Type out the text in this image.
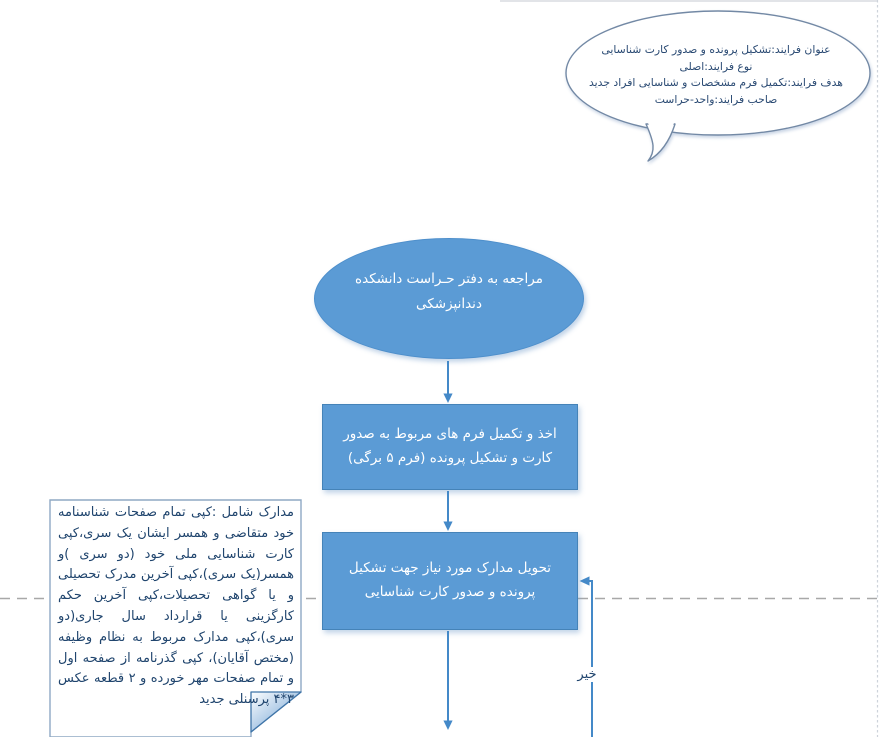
عنوان فرایند:تشکیل پرونده و صدور کارت شناسایی
نوع فرایند:اصلی
هدف فرایند:تکمیل فرم مشخصات و شناسایی افراد جدید
صاحب فرایند:واحد-حراست
مراجعه به دفتر حـراست دانشکده دندانپزشکی
اخذ و تکمیل فرم های مربوط به صدور کارت و تشکیل پرونده (فرم ۵ برگی)
تحویل مدارک مورد نیاز جهت تشکیل پرونده و صدور کارت شناسایی
مدارک شامل :کپی تمام صفحات شناسنامه خود متقاضی و همسر ایشان یک سری،کپی کارت شناسایی ملی خود (دو سری )و همسر(یک سری)،کپی آخرین مدرک تحصیلی و یا گواهی تحصیلات،کپی آخرین حکم کارگزینی یا قرارداد سال جاری(دو سری)،کپی مدارک مربوط به نظام وظیفه (مختص آقایان)، کپی گذرنامه از صفحه اول و تمام صفحات مهر خورده و ۲ قطعه عکس ۳*۴ پرسنلی جدید
خیر
